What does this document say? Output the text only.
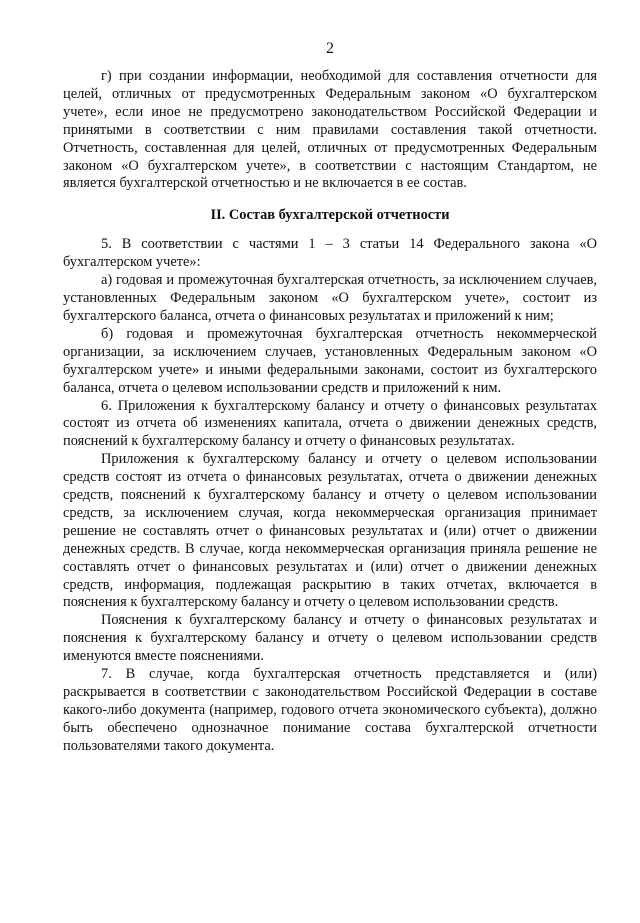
2

г) при создании информации, необходимой для составления отчетности для целей, отличных от предусмотренных Федеральным законом «О бухгалтерском учете», если иное не предусмотрено законодательством Российской Федерации и принятыми в соответствии с ним правилами составления такой отчетности. Отчетность, составленная для целей, отличных от предусмотренных Федеральным законом «О бухгалтерском учете», в соответствии с настоящим Стандартом, не является бухгалтерской отчетностью и не включается в ее состав.

II. Состав бухгалтерской отчетности

5. В соответствии с частями 1 – 3 статьи 14 Федерального закона «О бухгалтерском учете»:

а) годовая и промежуточная бухгалтерская отчетность, за исключением случаев, установленных Федеральным законом «О бухгалтерском учете», состоит из бухгалтерского баланса, отчета о финансовых результатах и приложений к ним;

б) годовая и промежуточная бухгалтерская отчетность некоммерческой организации, за исключением случаев, установленных Федеральным законом «О бухгалтерском учете» и иными федеральными законами, состоит из бухгалтерского баланса, отчета о целевом использовании средств и приложений к ним.

6. Приложения к бухгалтерскому балансу и отчету о финансовых результатах состоят из отчета об изменениях капитала, отчета о движении денежных средств, пояснений к бухгалтерскому балансу и отчету о финансовых результатах.

Приложения к бухгалтерскому балансу и отчету о целевом использовании средств состоят из отчета о финансовых результатах, отчета о движении денежных средств, пояснений к бухгалтерскому балансу и отчету о целевом использовании средств, за исключением случая, когда некоммерческая организация принимает решение не составлять отчет о финансовых результатах и (или) отчет о движении денежных средств. В случае, когда некоммерческая организация приняла решение не составлять отчет о финансовых результатах и (или) отчет о движении денежных средств, информация, подлежащая раскрытию в таких отчетах, включается в пояснения к бухгалтерскому балансу и отчету о целевом использовании средств.

Пояснения к бухгалтерскому балансу и отчету о финансовых результатах и пояснения к бухгалтерскому балансу и отчету о целевом использовании средств именуются вместе пояснениями.

7. В случае, когда бухгалтерская отчетность представляется и (или) раскрывается в соответствии с законодательством Российской Федерации в составе какого-либо документа (например, годового отчета экономического субъекта), должно быть обеспечено однозначное понимание состава бухгалтерской отчетности пользователями такого документа.
